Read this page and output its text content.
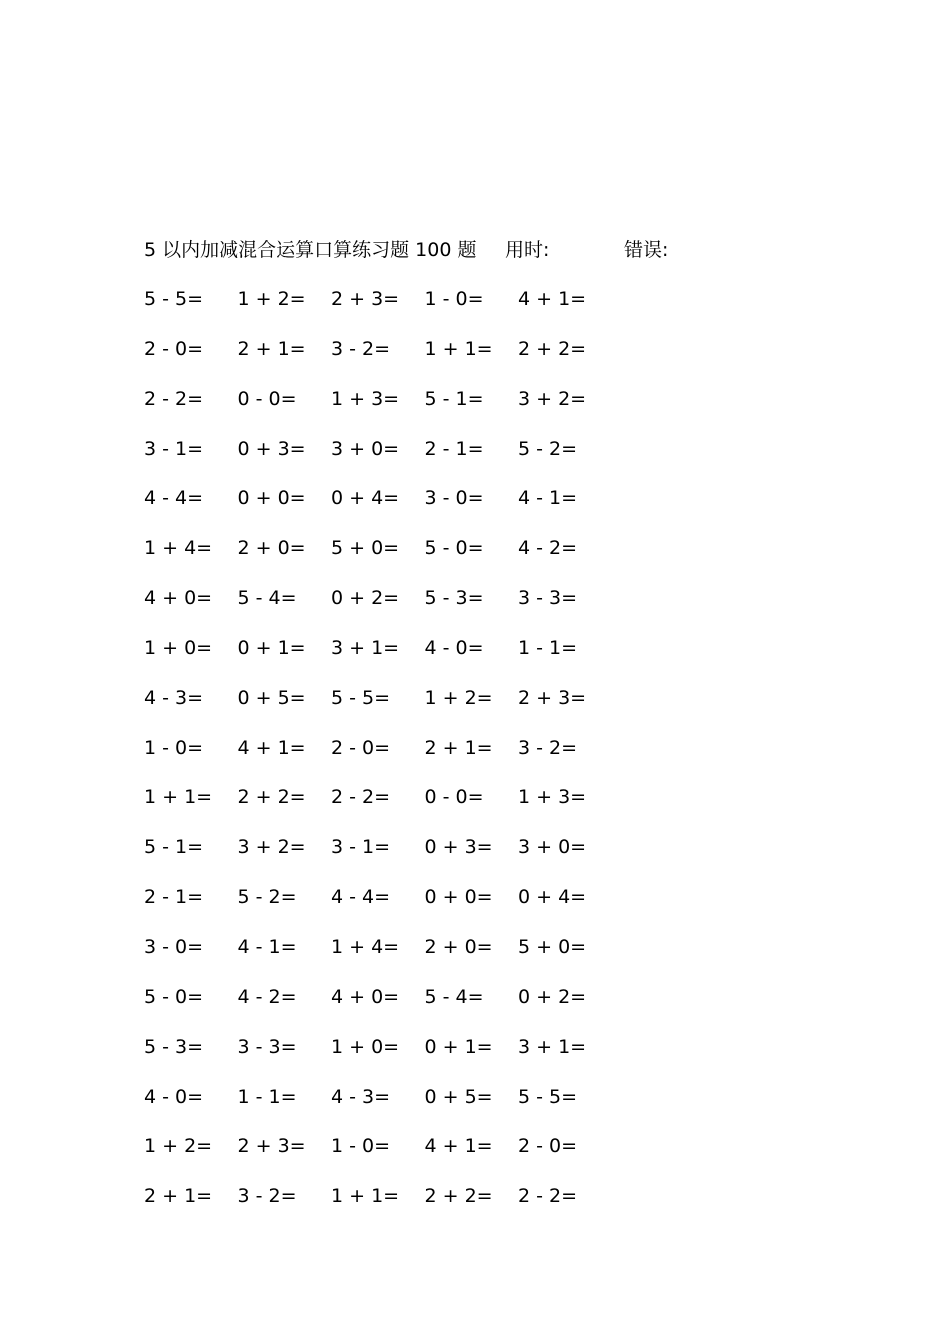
5 以内加减混合运算口算练习题 100 题 用时:	错误:
5 - 5= 1 + 2= 2 + 3= 1 - 0= 4 + 1=
2 - 0= 2 + 1= 3 - 2= 1 + 1= 2 + 2=
2 - 2= 0 - 0= 1 + 3= 5 - 1= 3 + 2=
3 - 1= 0 + 3= 3 + 0= 2 - 1= 5 - 2=
4 - 4= 0 + 0= 0 + 4= 3 - 0= 4 - 1=
1 + 4= 2 + 0= 5 + 0= 5 - 0= 4 - 2=
4 + 0= 5 - 4= 0 + 2= 5 - 3= 3 - 3=
1 + 0= 0 + 1= 3 + 1= 4 - 0= 1 - 1=
4 - 3= 0 + 5= 5 - 5= 1 + 2= 2 + 3=
1 - 0= 4 + 1= 2 - 0= 2 + 1= 3 - 2=
1 + 1= 2 + 2= 2 - 2= 0 - 0= 1 + 3=
5 - 1= 3 + 2= 3 - 1= 0 + 3= 3 + 0=
2 - 1= 5 - 2= 4 - 4= 0 + 0= 0 + 4=
3 - 0= 4 - 1= 1 + 4= 2 + 0= 5 + 0=
5 - 0= 4 - 2= 4 + 0= 5 - 4= 0 + 2=
5 - 3= 3 - 3= 1 + 0= 0 + 1= 3 + 1=
4 - 0= 1 - 1= 4 - 3= 0 + 5= 5 - 5=
1 + 2= 2 + 3= 1 - 0= 4 + 1= 2 - 0=
2 + 1= 3 - 2= 1 + 1= 2 + 2= 2 - 2=
